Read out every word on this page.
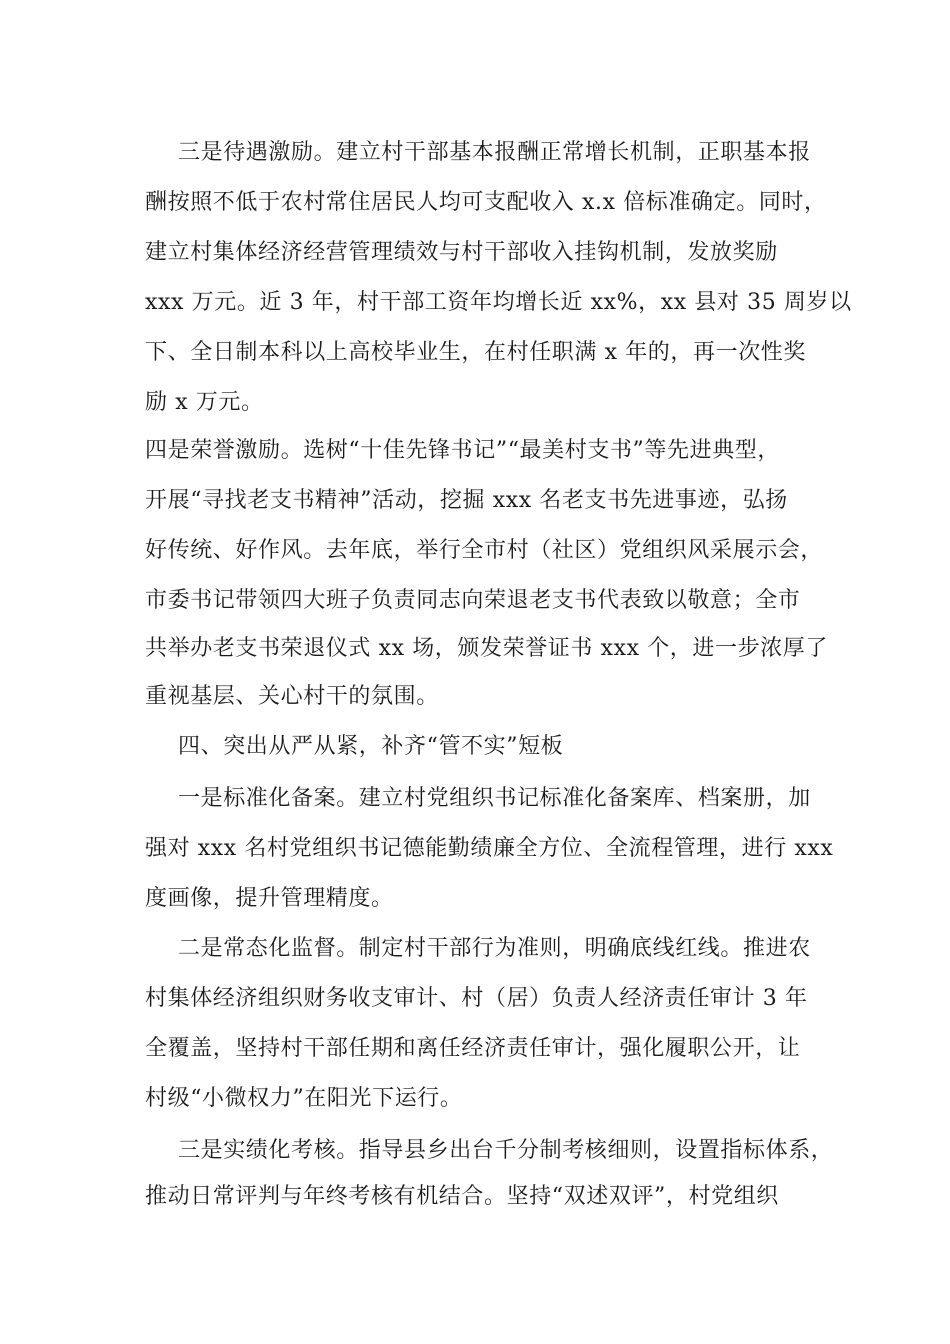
三是待遇激励。建立村干部基本报酬正常增长机制，正职基本报
酬按照不低于农村常住居民人均可支配收入 x.x 倍标准确定。同时，
建立村集体经济经营管理绩效与村干部收入挂钩机制，发放奖励
xxx 万元。近 3 年，村干部工资年均增长近 xx%，xx 县对 35 周岁以
下、全日制本科以上高校毕业生，在村任职满 x 年的，再一次性奖
励 x 万元。
四是荣誉激励。选树“十佳先锋书记”“最美村支书”等先进典型，
开展“寻找老支书精神”活动，挖掘 xxx 名老支书先进事迹，弘扬
好传统、好作风。去年底，举行全市村（社区）党组织风采展示会，
市委书记带领四大班子负责同志向荣退老支书代表致以敬意；全市
共举办老支书荣退仪式 xx 场，颁发荣誉证书 xxx 个，进一步浓厚了
重视基层、关心村干的氛围。
四、突出从严从紧，补齐“管不实”短板
一是标准化备案。建立村党组织书记标准化备案库、档案册，加
强对 xxx 名村党组织书记德能勤绩廉全方位、全流程管理，进行 xxx
度画像，提升管理精度。
二是常态化监督。制定村干部行为准则，明确底线红线。推进农
村集体经济组织财务收支审计、村（居）负责人经济责任审计 3 年
全覆盖，坚持村干部任期和离任经济责任审计，强化履职公开，让
村级“小微权力”在阳光下运行。
三是实绩化考核。指导县乡出台千分制考核细则，设置指标体系，
推动日常评判与年终考核有机结合。坚持“双述双评”，村党组织
